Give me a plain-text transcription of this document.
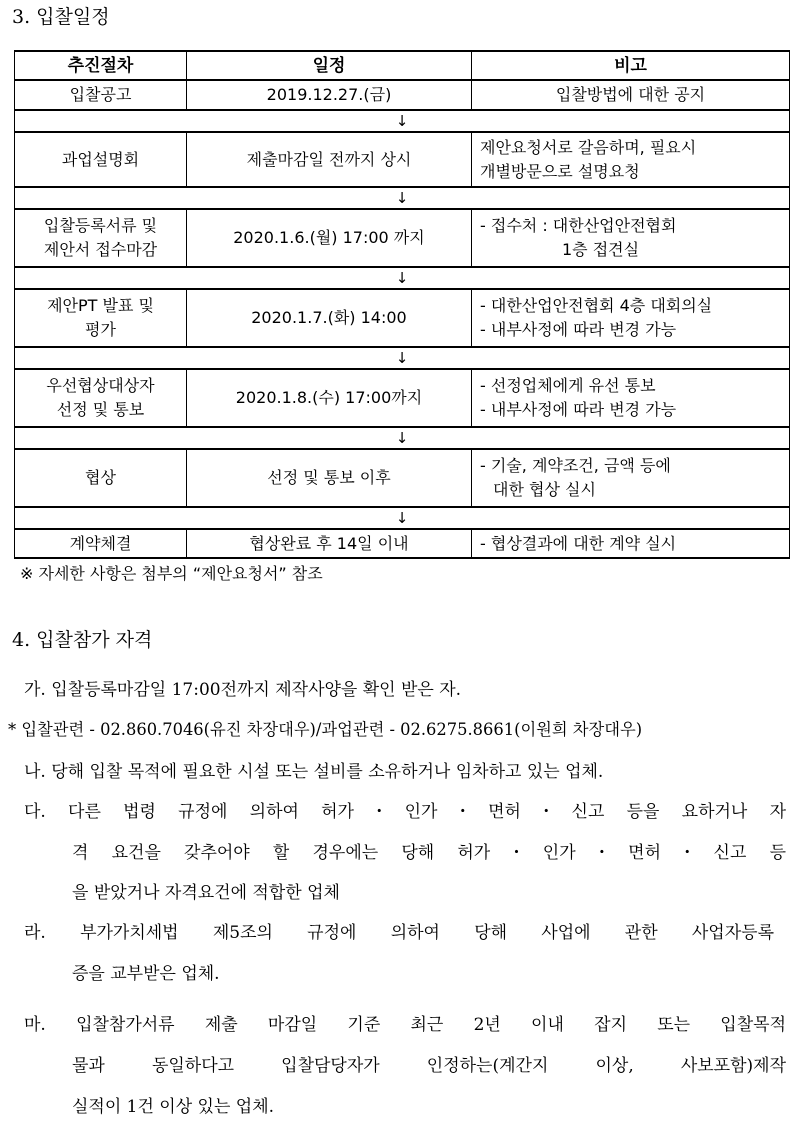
3. 입찰일정
추진절차	일정	비고
입찰공고	2019.12.27.(금)	입찰방법에 대한 공지
↓		
과업설명회	제출마감일 전까지 상시	제안요청서로 갈음하며, 필요시
개별방문으로 설명요청

↓		

입찰등록서류 및
제안서 접수마감	2020.1.6.(월) 17:00 까지	- 접수처 : 대한산업안전협회
1층 접견실

↓		

제안PT 발표 및
평가	2020.1.7.(화) 14:00	- 대한산업안전협회 4층 대회의실
- 내부사정에 따라 변경 가능

↓		

우선협상대상자
선정 및 통보	2020.1.8.(수) 17:00까지	- 선정업체에게 유선 통보
- 내부사정에 따라 변경 가능

↓		
협상	선정 및 통보 이후	- 기술, 계약조건, 금액 등에
대한 협상 실시

↓		
계약체결	협상완료 후 14일 이내	- 협상결과에 대한 계약 실시
※ 자세한 사항은 첨부의 “제안요청서” 참조
4. 입찰참가 자격
가. 입찰등록마감일 17:00전까지 제작사양을 확인 받은 자.
* 입찰관련 - 02.860.7046(유진 차장대우)/과업관련 - 02.6275.8661(이원희 차장대우)
나. 당해 입찰 목적에 필요한 시설 또는 설비를 소유하거나 임차하고 있는 업체.
다. 다른 법령 규정에 의하여 허가・인가・면허・신고 등을 요하거나 자
격 요건을 갖추어야 할 경우에는 당해 허가・인가・면허・신고 등
을 받았거나 자격요건에 적합한 업체
라. 부가가치세법 제5조의 규정에 의하여 당해 사업에 관한 사업자등록
증을 교부받은 업체.
마. 입찰참가서류 제출 마감일 기준 최근 2년 이내 잡지 또는 입찰목적
물과 동일하다고 입찰담당자가 인정하는(계간지 이상, 사보포함)제작
실적이 1건 이상 있는 업체.
